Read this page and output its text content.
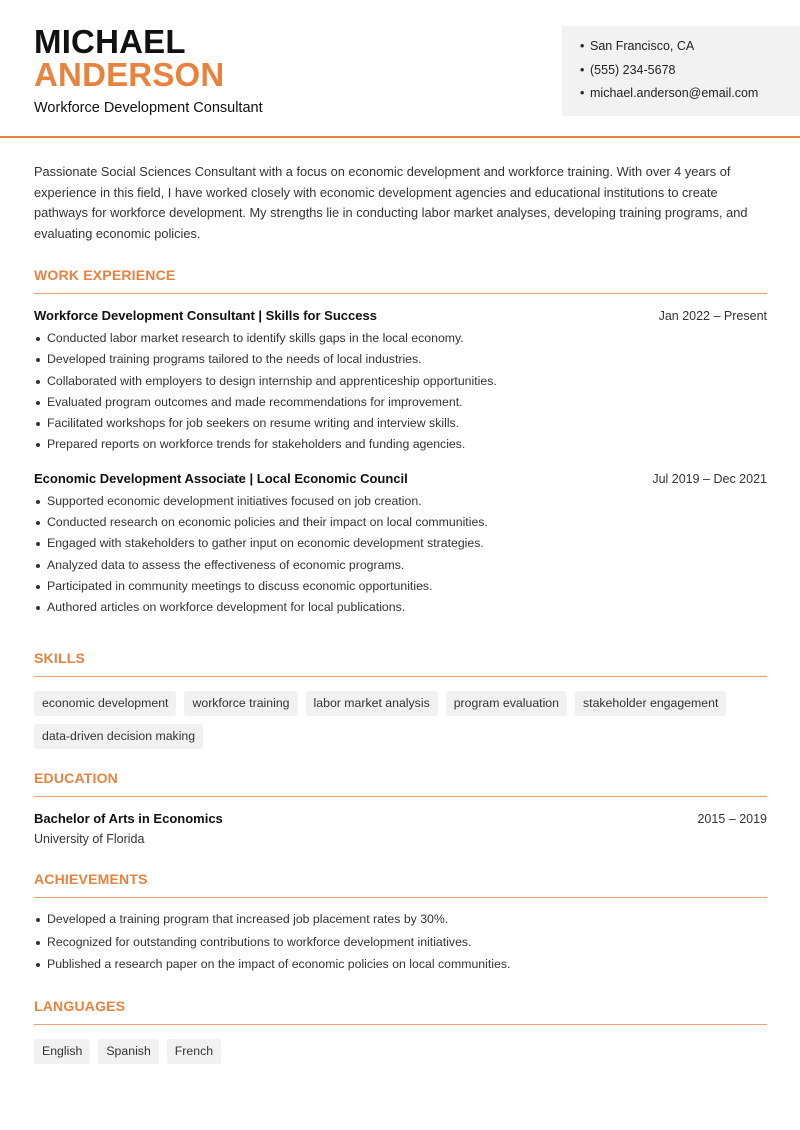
MICHAEL
ANDERSON
Workforce Development Consultant
• San Francisco, CA
• (555) 234-5678
• michael.anderson@email.com

Passionate Social Sciences Consultant with a focus on economic development and workforce training. With over 4 years of experience in this field, I have worked closely with economic development agencies and educational institutions to create pathways for workforce development. My strengths lie in conducting labor market analyses, developing training programs, and evaluating economic policies.

WORK EXPERIENCE
Workforce Development Consultant | Skills for Success	Jan 2022 – Present
Conducted labor market research to identify skills gaps in the local economy.
Developed training programs tailored to the needs of local industries.
Collaborated with employers to design internship and apprenticeship opportunities.
Evaluated program outcomes and made recommendations for improvement.
Facilitated workshops for job seekers on resume writing and interview skills.
Prepared reports on workforce trends for stakeholders and funding agencies.
Economic Development Associate | Local Economic Council	Jul 2019 – Dec 2021
Supported economic development initiatives focused on job creation.
Conducted research on economic policies and their impact on local communities.
Engaged with stakeholders to gather input on economic development strategies.
Analyzed data to assess the effectiveness of economic programs.
Participated in community meetings to discuss economic opportunities.
Authored articles on workforce development for local publications.
SKILLS
economic development	workforce training	labor market analysis	program evaluation	stakeholder engagement
data-driven decision making
EDUCATION
Bachelor of Arts in Economics	2015 – 2019
University of Florida
ACHIEVEMENTS
Developed a training program that increased job placement rates by 30%.
Recognized for outstanding contributions to workforce development initiatives.
Published a research paper on the impact of economic policies on local communities.
LANGUAGES
English	Spanish	French
